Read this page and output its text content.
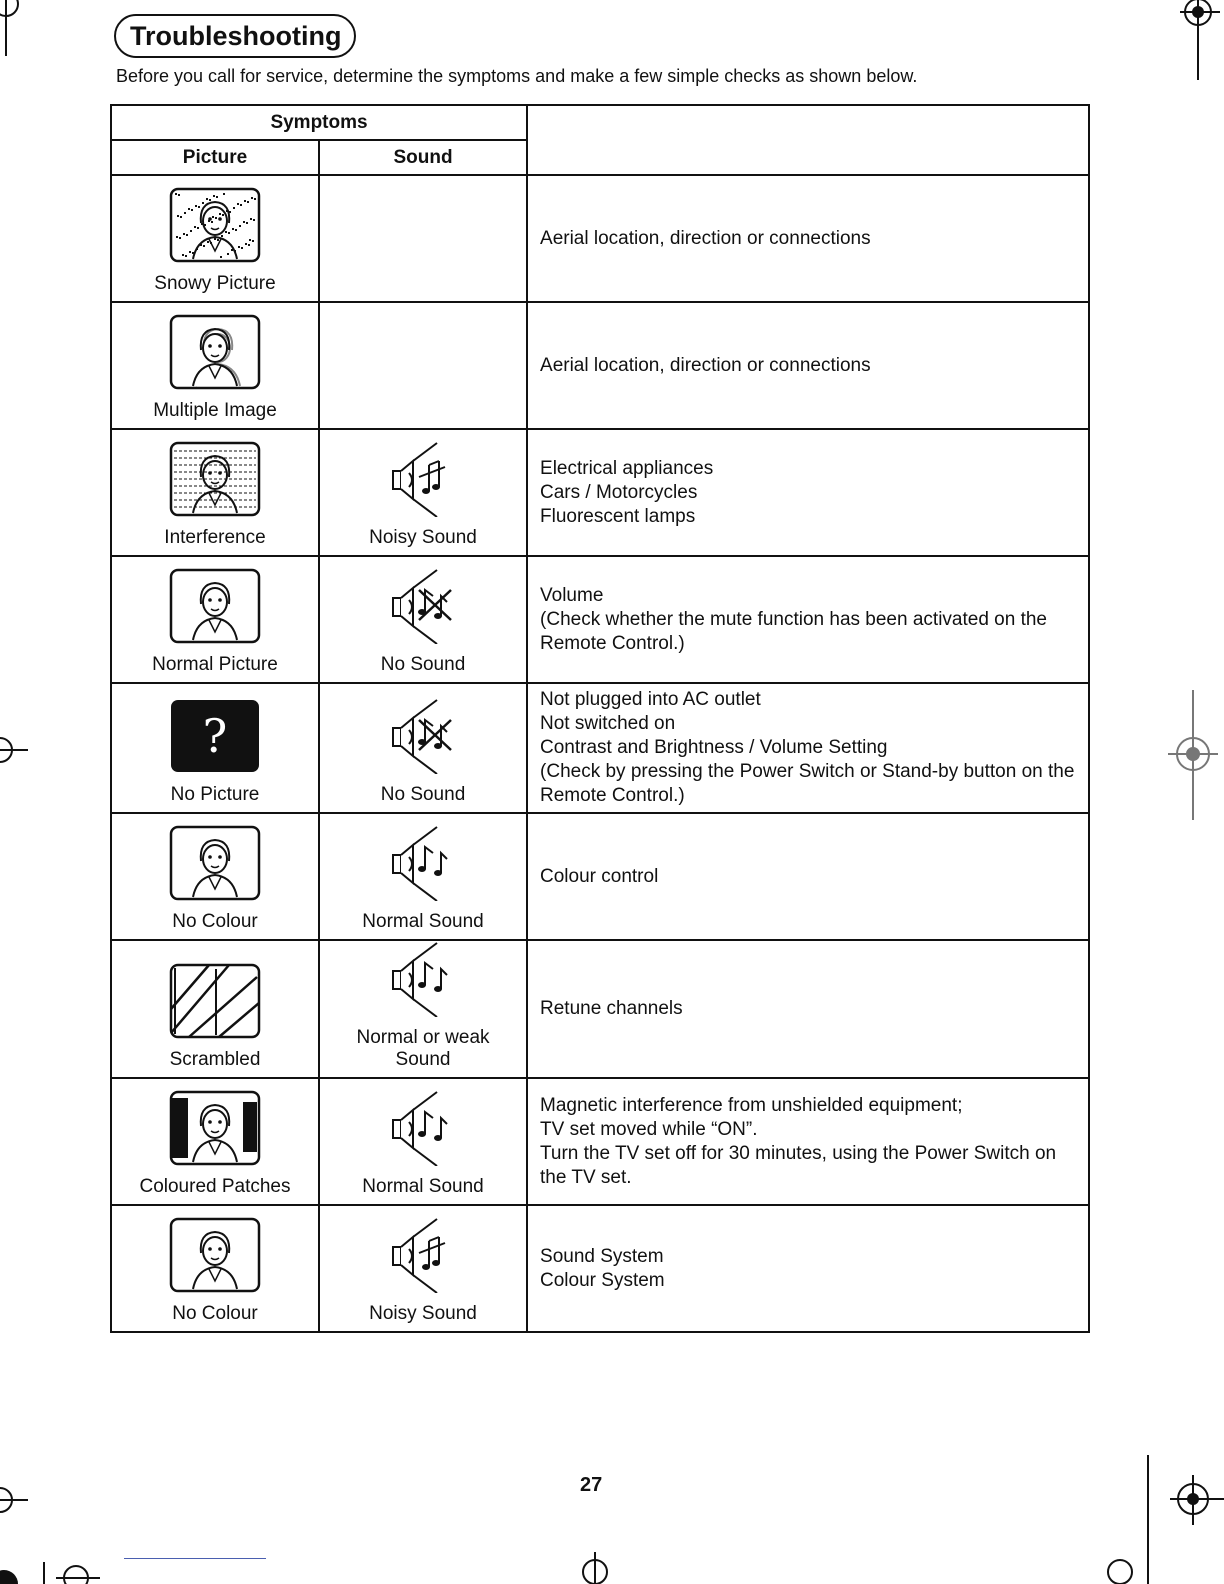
Troubleshooting
Before you call for service, determine the symptoms and make a few simple checks as shown below.
Symptoms		
Picture	Sound	

Snowy Picture		Aerial location, direction or connections

Multiple Image		Aerial location, direction or connections

Interference	Noisy Sound	Electrical appliances
Cars / Motorcycles
Fluorescent lamps

Normal Picture	No Sound	Volume
(Check whether the mute function has been activated on the Remote Control.)

?
No Picture	No Sound	Not plugged into AC outlet
Not switched on
Contrast and Brightness / Volume Setting
(Check by pressing the Power Switch or Stand-by button on the Remote Control.)

No Colour	Normal Sound	Colour control

Scrambled	Normal or weak Sound	Retune channels

Coloured Patches	Normal Sound	Magnetic interference from unshielded equipment;
TV set moved while “ON”.
Turn the TV set off for 30 minutes, using the Power Switch on the TV set.

No Colour	Noisy Sound	Sound System
Colour System
27
